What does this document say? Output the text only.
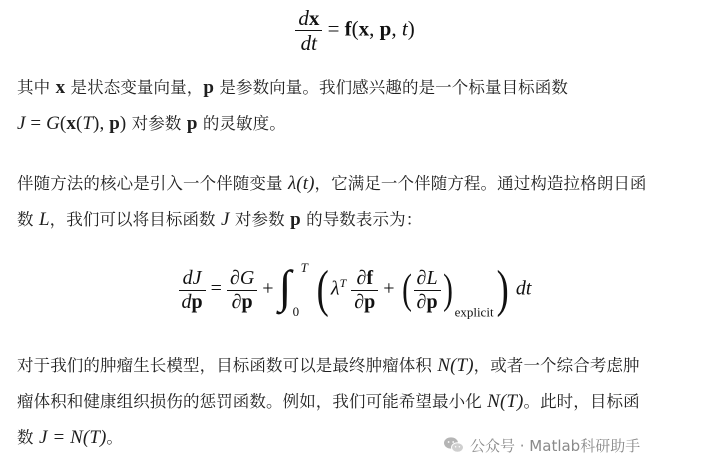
$\frac{dx}{dt} = f(x$, p, t)
其中 x 是状态变量向量，p 是参数向量。我们感兴趣的是一个标量目标函数
J = G(x(T), p) 对参数 p 的灵敏度。
伴随方法的核心是引入一个伴随变量 λ(t)，它满足一个伴随方程。通过构造拉格朗日函
数 L，我们可以将目标函数 J 对参数 p 的导数表示为：
$\frac{dJ}{dp} = \frac{\partial G}{\partial p}$ + ∫ T
0 ( $\lambda^T \frac{\partial f}{\partial p}$ + ( $\frac{\partial L}{\partial p}$ ) $_{explicit}$) dt
对于我们的肿瘤生长模型，目标函数可以是最终肿瘤体积 N(T)，或者一个综合考虑肿
瘤体积和健康组织损伤的惩罚函数。例如，我们可能希望最小化 N(T)。此时，目标函
数 J = N(T)。	公众号 · Matlab科研助手
